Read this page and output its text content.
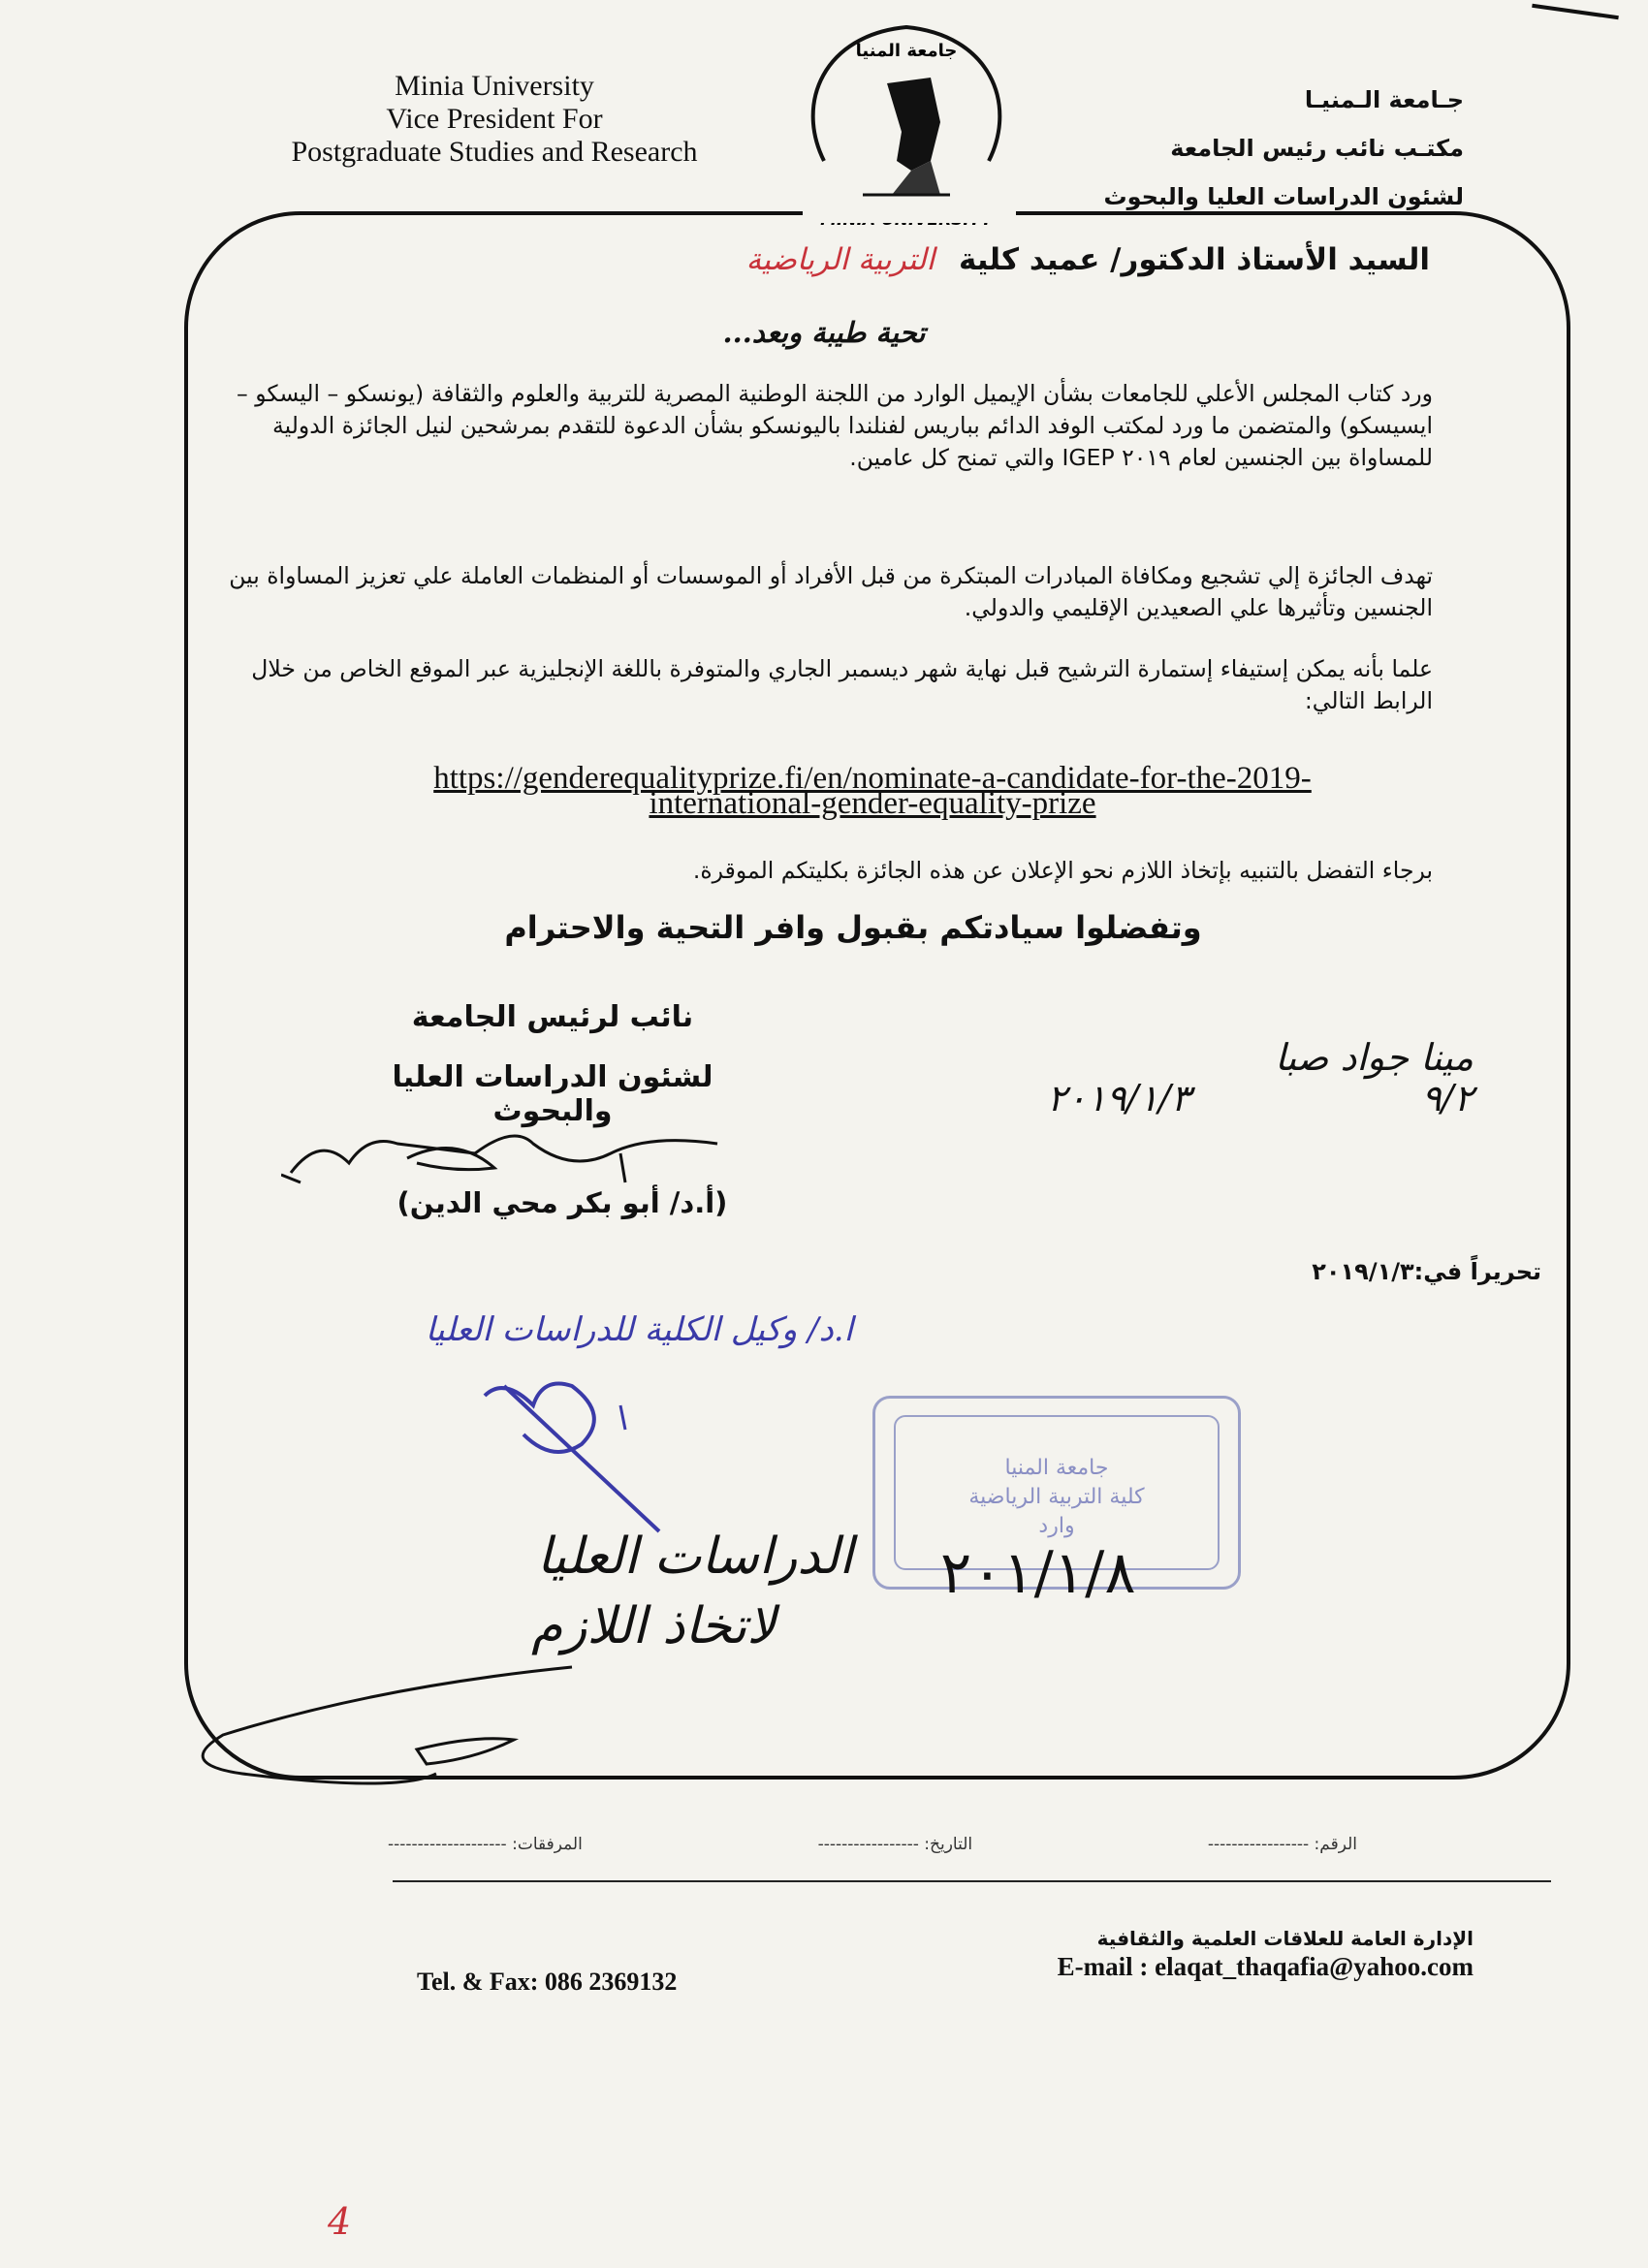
Minia University
Vice President For
Postgraduate Studies and Research
جامعة المنيا
جـامعة الـمنيـا
مكتـب نائب رئيس الجامعة
لشئون الدراسات العليا والبحوث
السيد الأستاذ الدكتور/ عميد كلية التربية الرياضية
تحية طيبة وبعد...
ورد كتاب المجلس الأعلي للجامعات بشأن الإيميل الوارد من اللجنة الوطنية المصرية للتربية والعلوم والثقافة (يونسكو – اليسكو – ايسيسكو) والمتضمن ما ورد لمكتب الوفد الدائم بباريس لفنلندا باليونسكو بشأن الدعوة للتقدم بمرشحين لنيل الجائزة الدولية للمساواة بين الجنسين لعام ٢٠١٩ IGEP والتي تمنح كل عامين.
تهدف الجائزة إلي تشجيع ومكافاة المبادرات المبتكرة من قبل الأفراد أو الموسسات أو المنظمات العاملة علي تعزيز المساواة بين الجنسين وتأثيرها علي الصعيدين الإقليمي والدولي.
علما بأنه يمكن إستيفاء إستمارة الترشيح قبل نهاية شهر ديسمبر الجاري والمتوفرة باللغة الإنجليزية عبر الموقع الخاص من خلال الرابط التالي:
https://genderequalityprize.fi/en/nominate-a-candidate-for-the-2019-
international-gender-equality-prize
برجاء التفضل بالتنبيه بإتخاذ اللازم نحو الإعلان عن هذه الجائزة بكليتكم الموقرة.
وتفضلوا سيادتكم بقبول وافر التحية والاحترام
نائب لرئيس الجامعة
لشئون الدراسات العليا والبحوث
(أ.د/ أبو بكر محي الدين)
مينا جواد صبا
٢٠١٩/١/٣	٩/٢
تحريراً في:٢٠١٩/١/٣
ا.د/ وكيل الكلية للدراسات العليا
جامعة المنيا
كلية التربية الرياضية
وارد
٢٠١/١/٨
الدراسات العليا
لاتخاذ اللازم
الرقم: -----------------
التاريخ: -----------------
المرفقات: --------------------
الإدارة العامة للعلاقات العلمية والثقافية
E-mail : elaqat_thaqafia@yahoo.com
Tel. & Fax: 086 2369132
4
